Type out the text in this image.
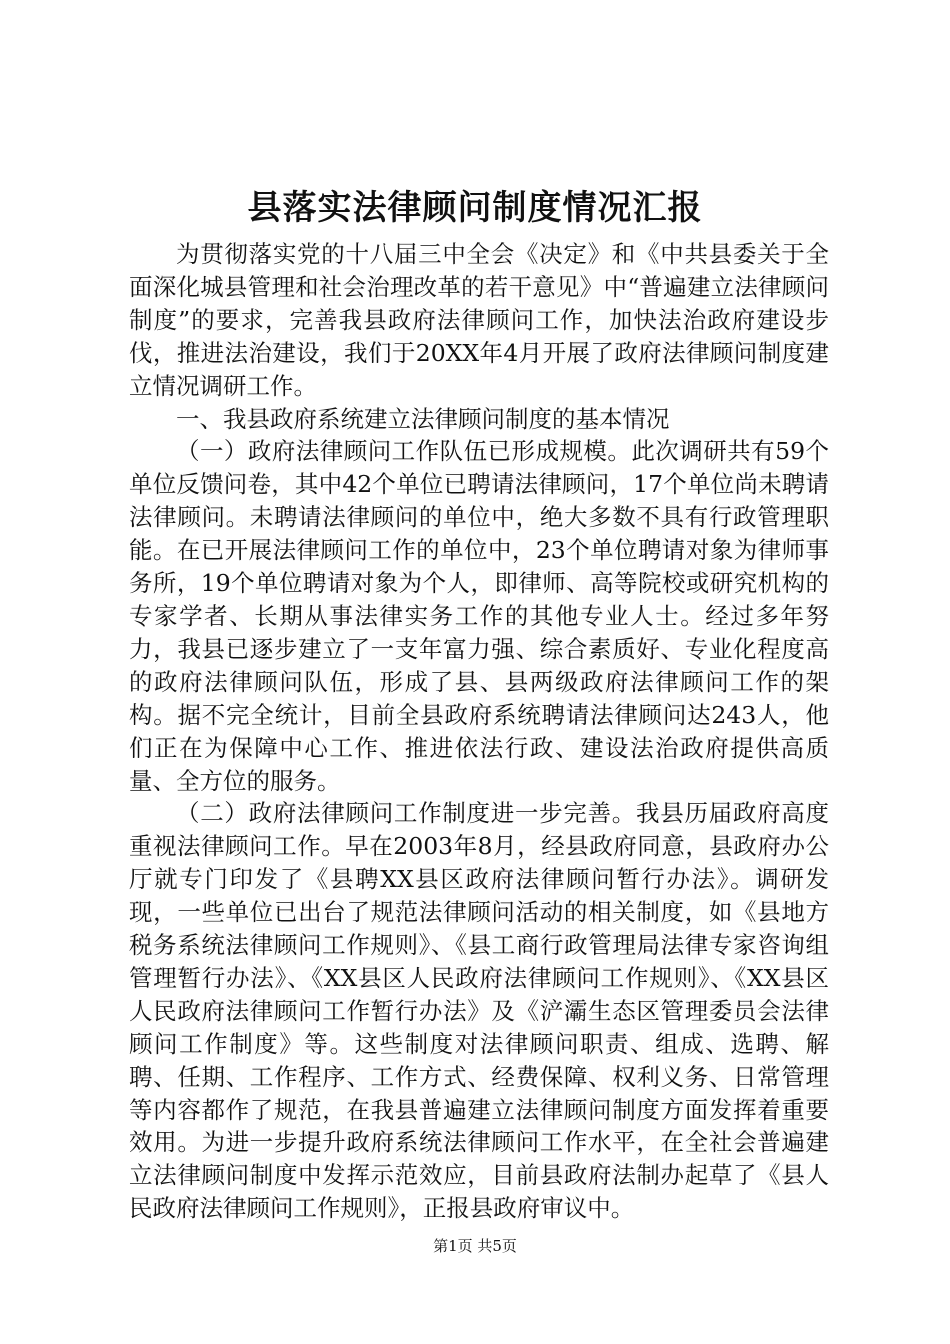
县落实法律顾问制度情况汇报

为贯彻落实党的十八届三中全会《决定》和《中共县委关于全面深化城县管理和社会治理改革的若干意见》中“普遍建立法律顾问制度”的要求，完善我县政府法律顾问工作，加快法治政府建设步伐，推进法治建设，我们于20XX年4月开展了政府法律顾问制度建立情况调研工作。

一、我县政府系统建立法律顾问制度的基本情况

（一）政府法律顾问工作队伍已形成规模。此次调研共有59个单位反馈问卷，其中42个单位已聘请法律顾问，17个单位尚未聘请法律顾问。未聘请法律顾问的单位中，绝大多数不具有行政管理职能。在已开展法律顾问工作的单位中，23个单位聘请对象为律师事务所，19个单位聘请对象为个人，即律师、高等院校或研究机构的专家学者、长期从事法律实务工作的其他专业人士。经过多年努力，我县已逐步建立了一支年富力强、综合素质好、专业化程度高的政府法律顾问队伍，形成了县、县两级政府法律顾问工作的架构。据不完全统计，目前全县政府系统聘请法律顾问达243人，他们正在为保障中心工作、推进依法行政、建设法治政府提供高质量、全方位的服务。

（二）政府法律顾问工作制度进一步完善。我县历届政府高度重视法律顾问工作。早在2003年8月，经县政府同意，县政府办公厅就专门印发了《县聘XX县区政府法律顾问暂行办法》。调研发现，一些单位已出台了规范法律顾问活动的相关制度，如《县地方税务系统法律顾问工作规则》、《县工商行政管理局法律专家咨询组管理暂行办法》、《XX县区人民政府法律顾问工作规则》、《XX县区人民政府法律顾问工作暂行办法》及《浐灞生态区管理委员会法律顾问工作制度》等。这些制度对法律顾问职责、组成、选聘、解聘、任期、工作程序、工作方式、经费保障、权利义务、日常管理等内容都作了规范，在我县普遍建立法律顾问制度方面发挥着重要效用。为进一步提升政府系统法律顾问工作水平，在全社会普遍建立法律顾问制度中发挥示范效应，目前县政府法制办起草了《县人民政府法律顾问工作规则》，正报县政府审议中。

第1页 共5页
